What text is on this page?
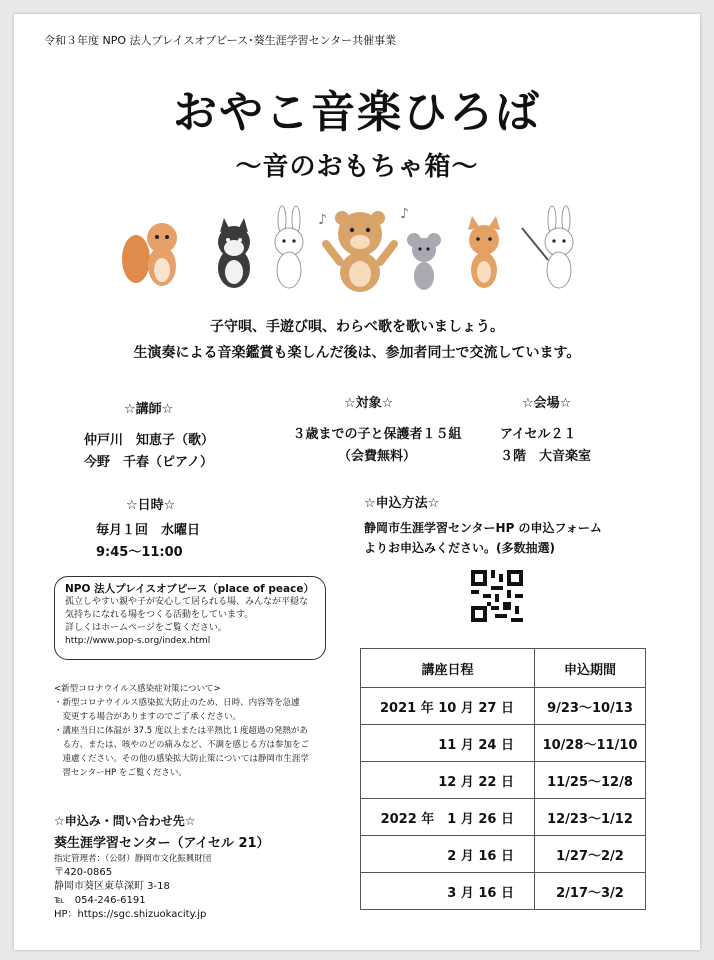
令和３年度 NPO 法人プレイスオブピース･葵生涯学習センター共催事業
おやこ音楽ひろば
～音のおもちゃ箱～
♪	♪
子守唄、手遊び唄、わらべ歌を歌いましょう。
生演奏による音楽鑑賞も楽しんだ後は、参加者同士で交流しています。
☆講師☆
仲戸川　知恵子（歌）
今野　千春（ピアノ）
☆対象☆
３歳までの子と保護者１５組
（会費無料）
☆会場☆
アイセル２１
３階　大音楽室
☆日時☆
毎月１回　水曜日
9:45～11:00
☆申込方法☆
静岡市生涯学習センターHP の申込フォーム
よりお申込みください。(多数抽選)
NPO 法人プレイスオブピース（place of peace）
孤立しやすい親や子が安心して居られる場、みんなが平穏な
気持ちになれる場をつくる活動をしています。
詳しくはホームページをご覧ください。
http://www.pop-s.org/index.html
<新型コロナウイルス感染症対策について>
・新型コロナウイルス感染拡大防止のため、日時、内容等を急遽
　変更する場合がありますのでご了承ください。
・講座当日に体温が 37.5 度以上または平熱比１度超過の発熱があ
　る方、または、咳やのどの痛みなど、不調を感じる方は参加をご
　遠慮ください。その他の感染拡大防止策については静岡市生涯学
　習センターHP をご覧ください。
☆申込み・問い合わせ先☆
葵生涯学習センター（アイセル 21）
指定管理者：（公財）静岡市文化振興財団
〒420-0865
静岡市葵区東草深町 3-18
℡　054-246-6191
HP：https://sgc.shizuokacity.jp
講座日程	申込期間
2021 年 10 月 27 日	9/23～10/13
11 月 24 日	10/28～11/10
12 月 22 日	11/25～12/8
2022 年　1 月 26 日	12/23～1/12
2 月 16 日	1/27～2/2
3 月 16 日	2/17～3/2
